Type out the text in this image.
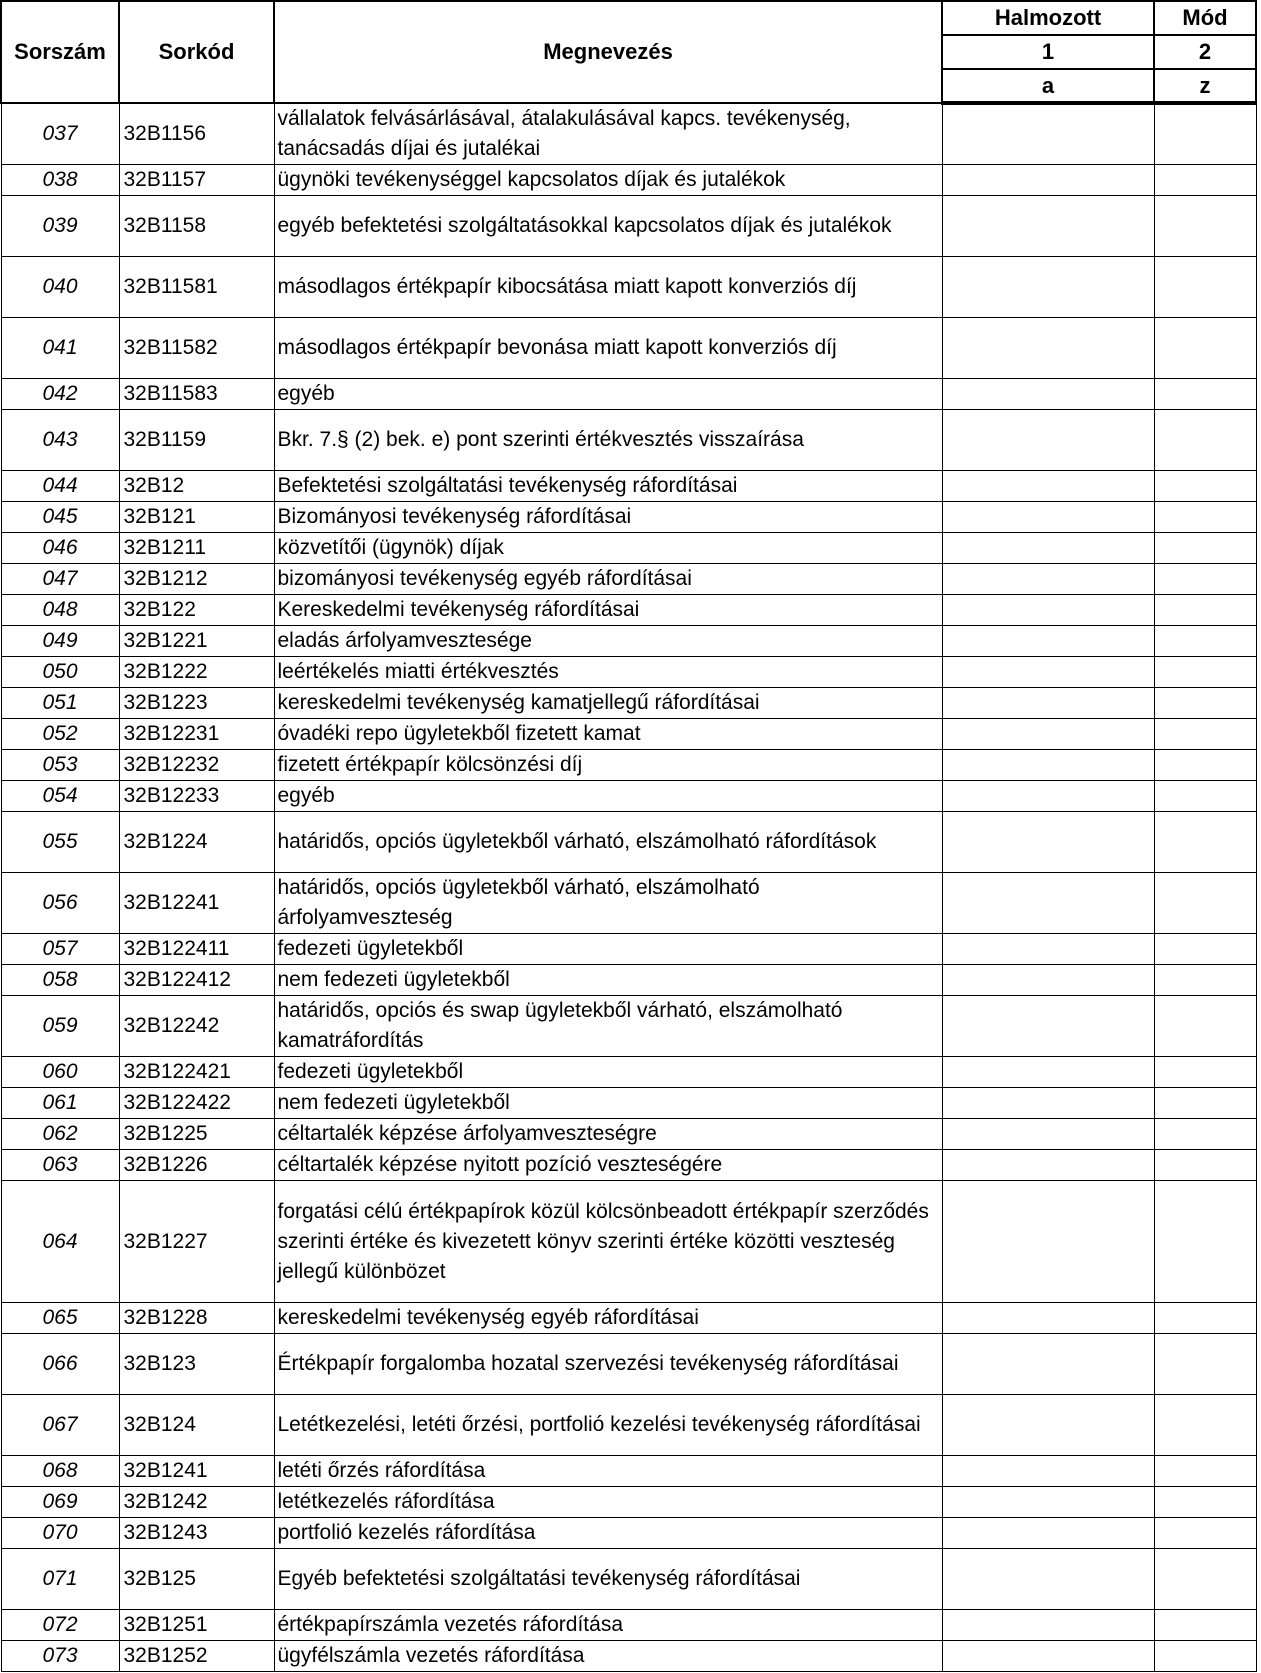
Sorszám	Sorkód	Megnevezés	Halmozott	Mód
			1	2
			a	z
037	32B1156	vállalatok felvásárlásával, átalakulásával kapcs. tevékenység, tanácsadás díjai és jutalékai		
038	32B1157	ügynöki tevékenységgel kapcsolatos díjak és jutalékok		
039	32B1158	egyéb befektetési szolgáltatásokkal kapcsolatos díjak és jutalékok		
040	32B11581	másodlagos értékpapír kibocsátása miatt kapott konverziós díj		
041	32B11582	másodlagos értékpapír bevonása miatt kapott konverziós díj		
042	32B11583	egyéb		
043	32B1159	Bkr. 7.§ (2) bek. e) pont szerinti értékvesztés visszaírása		
044	32B12	Befektetési szolgáltatási tevékenység ráfordításai		
045	32B121	Bizományosi tevékenység ráfordításai		
046	32B1211	közvetítői (ügynök) díjak		
047	32B1212	bizományosi tevékenység egyéb ráfordításai		
048	32B122	Kereskedelmi tevékenység ráfordításai		
049	32B1221	eladás árfolyamvesztesége		
050	32B1222	leértékelés miatti értékvesztés		
051	32B1223	kereskedelmi tevékenység kamatjellegű ráfordításai		
052	32B12231	óvadéki repo ügyletekből fizetett kamat		
053	32B12232	fizetett értékpapír kölcsönzési díj		
054	32B12233	egyéb		
055	32B1224	határidős, opciós ügyletekből várható, elszámolható ráfordítások		
056	32B12241	határidős, opciós ügyletekből várható, elszámolható árfolyamveszteség		
057	32B122411	fedezeti ügyletekből		
058	32B122412	nem fedezeti ügyletekből		
059	32B12242	határidős, opciós és swap ügyletekből várható, elszámolható kamatráfordítás		
060	32B122421	fedezeti ügyletekből		
061	32B122422	nem fedezeti ügyletekből		
062	32B1225	céltartalék képzése árfolyamveszteségre		
063	32B1226	céltartalék képzése nyitott pozíció veszteségére		
064	32B1227	forgatási célú értékpapírok közül kölcsönbeadott értékpapír szerződés szerinti értéke és kivezetett könyv szerinti értéke közötti veszteség jellegű különbözet		
065	32B1228	kereskedelmi tevékenység egyéb ráfordításai		
066	32B123	Értékpapír forgalomba hozatal szervezési tevékenység ráfordításai		
067	32B124	Letétkezelési, letéti őrzési, portfolió kezelési tevékenység ráfordításai		
068	32B1241	letéti őrzés ráfordítása		
069	32B1242	letétkezelés ráfordítása		
070	32B1243	portfolió kezelés ráfordítása		
071	32B125	Egyéb befektetési szolgáltatási tevékenység ráfordításai		
072	32B1251	értékpapírszámla vezetés ráfordítása		
073	32B1252	ügyfélszámla vezetés ráfordítása		
